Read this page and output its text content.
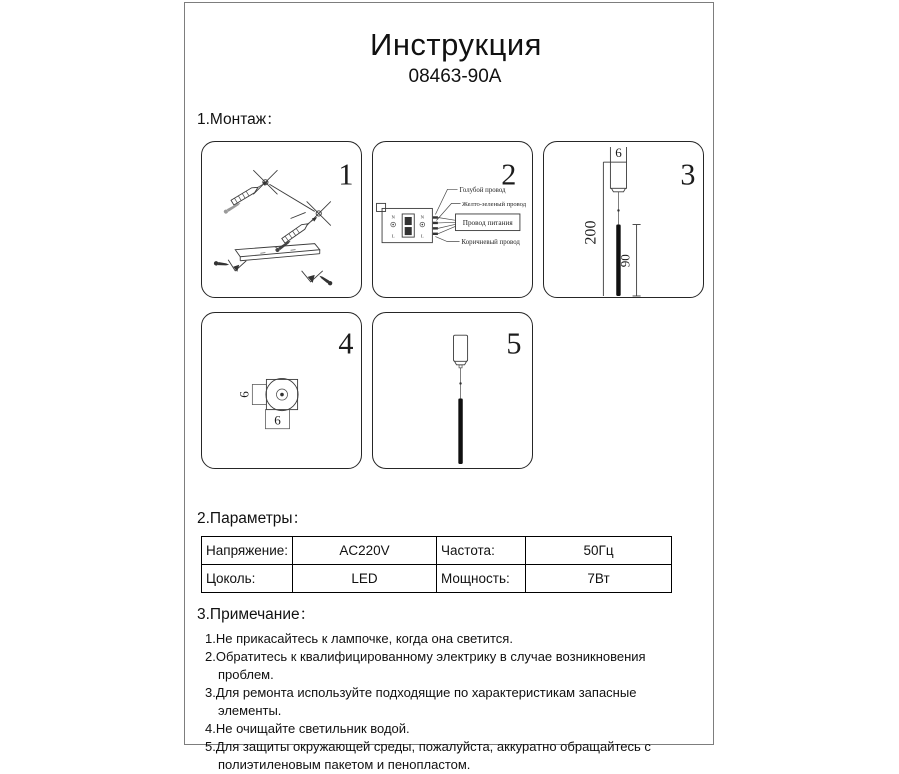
Инструкция
08463-90A
1.Монтаж：
1	2
N
L
N
L
Голубой провод
Желто-зеленый провод
Провод питания
Коричневый провод
3
6
200
90
4
6
6
5
2.Параметры：
Напряжение:	AC220V	Частота:	50Гц
Цоколь:	LED	Мощность:	7Вт
3.Примечание：
1.Не прикасайтесь к лампочке, когда она светится.
2.Обратитесь к квалифицированному электрику в случае возникновения проблем.
3.Для ремонта используйте подходящие по характеристикам запасные элементы.
4.Не очищайте светильник водой.
5.Для защиты окружающей среды, пожалуйста, аккуратно обращайтесь с полиэтиленовым пакетом и пенопластом.
